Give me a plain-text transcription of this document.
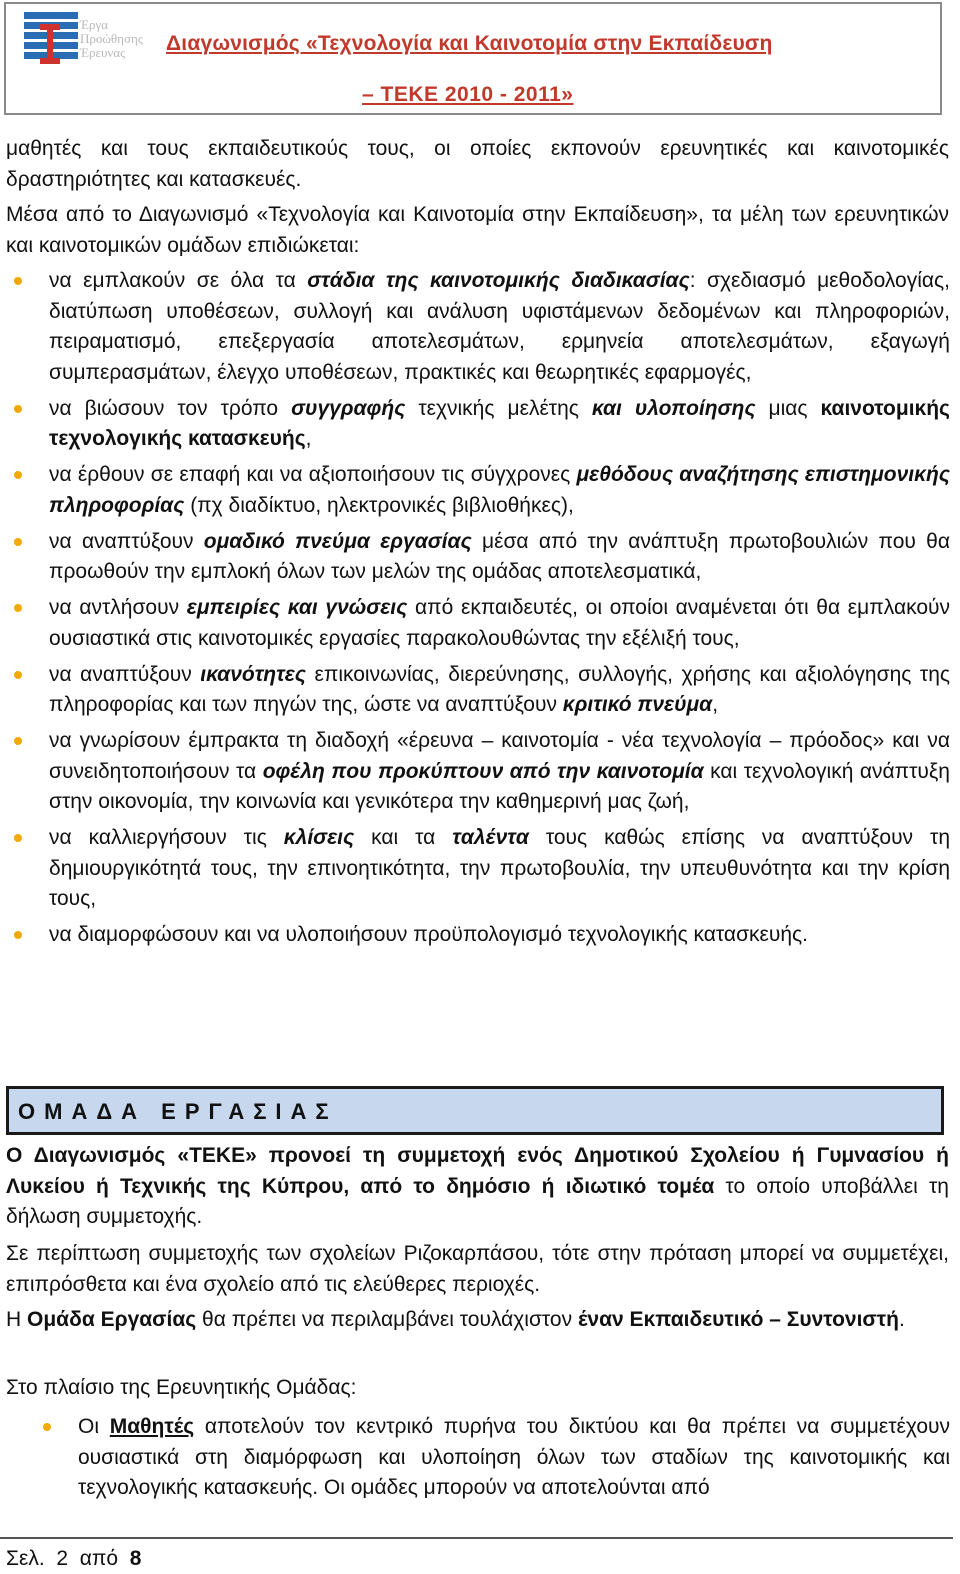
Έργα
Προώθησης
Έρευνας	Διαγωνισμός «Τεχνολογία και Καινοτομία στην Εκπαίδευση
– ΤΕΚΕ 2010 - 2011»

μαθητές και τους εκπαιδευτικούς τους, οι οποίες εκπονούν ερευνητικές και καινοτομικές δραστηριότητες και κατασκευές.

Μέσα από το Διαγωνισμό «Τεχνολογία και Καινοτομία στην Εκπαίδευση», τα μέλη των ερευνητικών και καινοτομικών ομάδων επιδιώκεται:

να εμπλακούν σε όλα τα στάδια της καινοτομικής διαδικασίας: σχεδιασμό μεθοδολογίας, διατύπωση υποθέσεων, συλλογή και ανάλυση υφιστάμενων δεδομένων και πληροφοριών, πειραματισμό, επεξεργασία αποτελεσμάτων, ερμηνεία αποτελεσμάτων, εξαγωγή συμπερασμάτων, έλεγχο υποθέσεων, πρακτικές και θεωρητικές εφαρμογές,
να βιώσουν τον τρόπο συγγραφής τεχνικής μελέτης και υλοποίησης μιας καινοτομικής τεχνολογικής κατασκευής,
να έρθουν σε επαφή και να αξιοποιήσουν τις σύγχρονες μεθόδους αναζήτησης επιστημονικής πληροφορίας (πχ διαδίκτυο, ηλεκτρονικές βιβλιοθήκες),
να αναπτύξουν ομαδικό πνεύμα εργασίας μέσα από την ανάπτυξη πρωτοβουλιών που θα προωθούν την εμπλοκή όλων των μελών της ομάδας αποτελεσματικά,
να αντλήσουν εμπειρίες και γνώσεις από εκπαιδευτές, οι οποίοι αναμένεται ότι θα εμπλακούν ουσιαστικά στις καινοτομικές εργασίες παρακολουθώντας την εξέλιξή τους,
να αναπτύξουν ικανότητες επικοινωνίας, διερεύνησης, συλλογής, χρήσης και αξιολόγησης της πληροφορίας και των πηγών της, ώστε να αναπτύξουν κριτικό πνεύμα,
να γνωρίσουν έμπρακτα τη διαδοχή «έρευνα – καινοτομία - νέα τεχνολογία – πρόοδος» και να συνειδητοποιήσουν τα οφέλη που προκύπτουν από την καινοτομία και τεχνολογική ανάπτυξη στην οικονομία, την κοινωνία και γενικότερα την καθημερινή μας ζωή,
να καλλιεργήσουν τις κλίσεις και τα ταλέντα τους καθώς επίσης να αναπτύξουν τη δημιουργικότητά τους, την επινοητικότητα, την πρωτοβουλία, την υπευθυνότητα και την κρίση τους,
να διαμορφώσουν και να υλοποιήσουν προϋπολογισμό τεχνολογικής κατασκευής.
ΟΜΑΔΑ ΕΡΓΑΣΙΑΣ

Ο Διαγωνισμός «ΤΕΚΕ» προνοεί τη συμμετοχή ενός Δημοτικού Σχολείου ή Γυμνασίου ή Λυκείου ή Τεχνικής της Κύπρου, από το δημόσιο ή ιδιωτικό τομέα το οποίο υποβάλλει τη δήλωση συμμετοχής.

Σε περίπτωση συμμετοχής των σχολείων Ριζοκαρπάσου, τότε στην πρόταση μπορεί να συμμετέχει, επιπρόσθετα και ένα σχολείο από τις ελεύθερες περιοχές.

Η Ομάδα Εργασίας θα πρέπει να περιλαμβάνει τουλάχιστον έναν Εκπαιδευτικό – Συντονιστή.

Στο πλαίσιο της Ερευνητικής Ομάδας:

Οι Μαθητές αποτελούν τον κεντρικό πυρήνα του δικτύου και θα πρέπει να συμμετέχουν ουσιαστικά στη διαμόρφωση και υλοποίηση όλων των σταδίων της καινοτομικής και τεχνολογικής κατασκευής. Οι ομάδες μπορούν να αποτελούνται από
Σελ. 2 από 8
